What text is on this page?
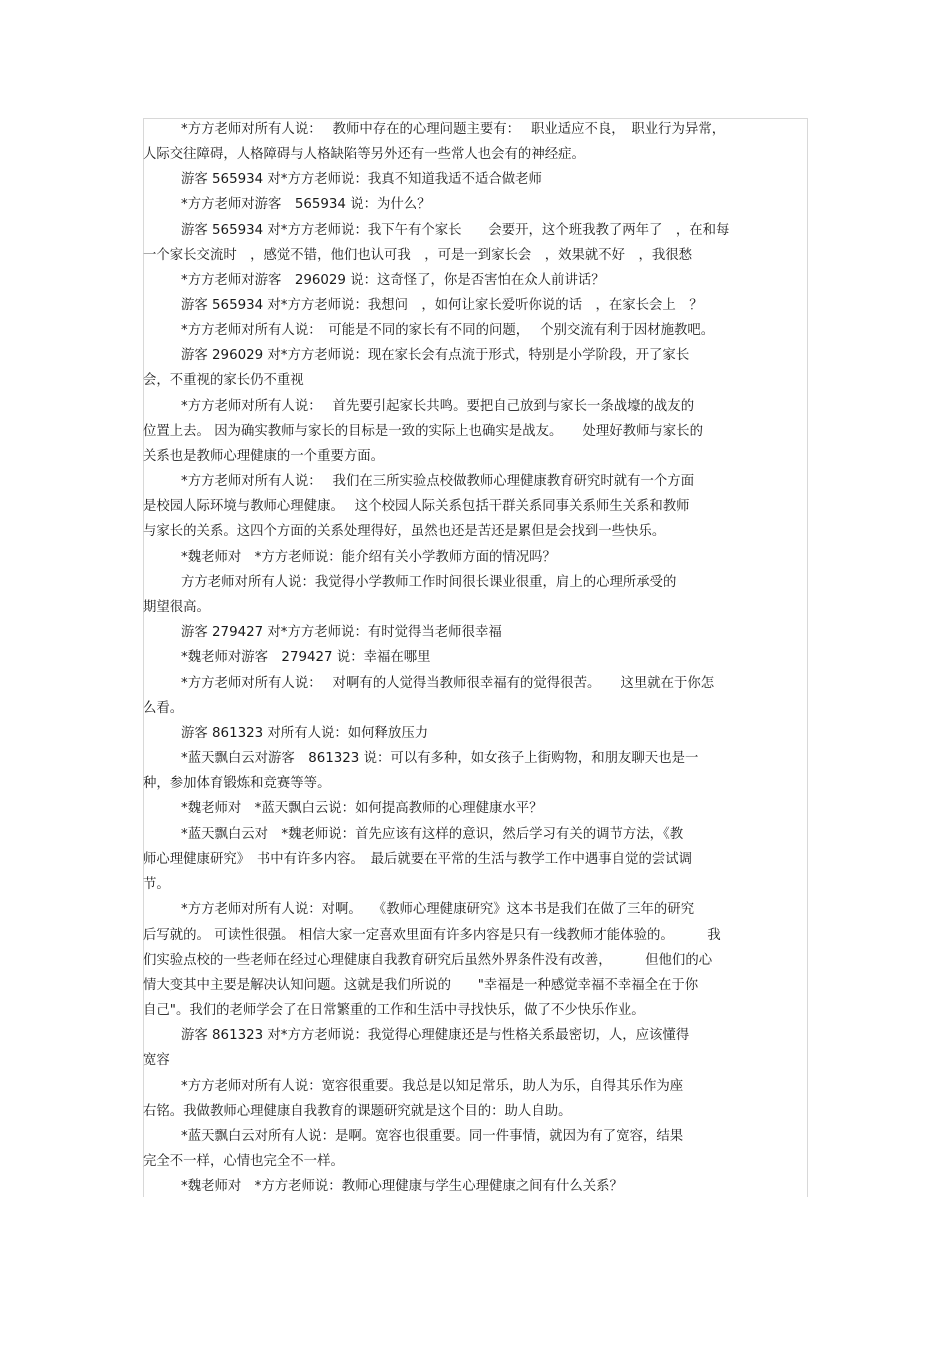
*方方老师对所有人说：　 教师中存在的心理问题主要有：　 职业适应不良，　职业行为异常，
人际交往障碍，人格障碍与人格缺陷等另外还有一些常人也会有的神经症。
游客 565934 对*方方老师说：我真不知道我适不适合做老师
*方方老师对游客　565934 说：为什么？
游客 565934 对*方方老师说：我下午有个家长　　会要开，这个班我教了两年了　，在和每
一个家长交流时　，感觉不错，他们也认可我　，可是一到家长会　，效果就不好　，我很愁
*方方老师对游客　296029 说：这奇怪了，你是否害怕在众人前讲话？
游客 565934 对*方方老师说：我想问　，如何让家长爱听你说的话　，在家长会上　？
*方方老师对所有人说：　可能是不同的家长有不同的问题，　 个别交流有利于因材施教吧。
游客 296029 对*方方老师说：现在家长会有点流于形式，特别是小学阶段，开了家长
会，不重视的家长仍不重视
*方方老师对所有人说：　 首先要引起家长共鸣。要把自己放到与家长一条战壕的战友的
位置上去。 因为确实教师与家长的目标是一致的实际上也确实是战友。　　处理好教师与家长的
关系也是教师心理健康的一个重要方面。
*方方老师对所有人说：　 我们在三所实验点校做教师心理健康教育研究时就有一个方面
是校园人际环境与教师心理健康。　 这个校园人际关系包括干群关系同事关系师生关系和教师
与家长的关系。这四个方面的关系处理得好，虽然也还是苦还是累但是会找到一些快乐。
*魏老师对　*方方老师说：能介绍有关小学教师方面的情况吗？
方方老师对所有人说：我觉得小学教师工作时间很长课业很重，肩上的心理所承受的
期望很高。
游客 279427 对*方方老师说：有时觉得当老师很幸福
*魏老师对游客　279427 说：幸福在哪里
*方方老师对所有人说：　 对啊有的人觉得当教师很幸福有的觉得很苦。　　这里就在于你怎
么看。
游客 861323 对所有人说：如何释放压力
*蓝天飘白云对游客　861323 说：可以有多种，如女孩子上街购物，和朋友聊天也是一
种，参加体育锻炼和竞赛等等。
*魏老师对　*蓝天飘白云说：如何提高教师的心理健康水平？
*蓝天飘白云对　*魏老师说：首先应该有这样的意识，然后学习有关的调节方法，《教
师心理健康研究》　书中有许多内容。　最后就要在平常的生活与教学工作中遇事自觉的尝试调
节。
*方方老师对所有人说：对啊。　 《教师心理健康研究》这本书是我们在做了三年的研究
后写就的。 可读性很强。 相信大家一定喜欢里面有许多内容是只有一线教师才能体验的。　　　我
们实验点校的一些老师在经过心理健康自我教育研究后虽然外界条件没有改善，　　　但他们的心
情大变其中主要是解决认知问题。这就是我们所说的　　"幸福是一种感觉幸福不幸福全在于你
自己"。我们的老师学会了在日常繁重的工作和生活中寻找快乐，做了不少快乐作业。
游客 861323 对*方方老师说：我觉得心理健康还是与性格关系最密切，人，应该懂得
宽容
*方方老师对所有人说：宽容很重要。我总是以知足常乐，助人为乐，自得其乐作为座
右铭。我做教师心理健康自我教育的课题研究就是这个目的：助人自助。
*蓝天飘白云对所有人说：是啊。宽容也很重要。同一件事情，就因为有了宽容，结果
完全不一样，心情也完全不一样。
*魏老师对　*方方老师说：教师心理健康与学生心理健康之间有什么关系？
